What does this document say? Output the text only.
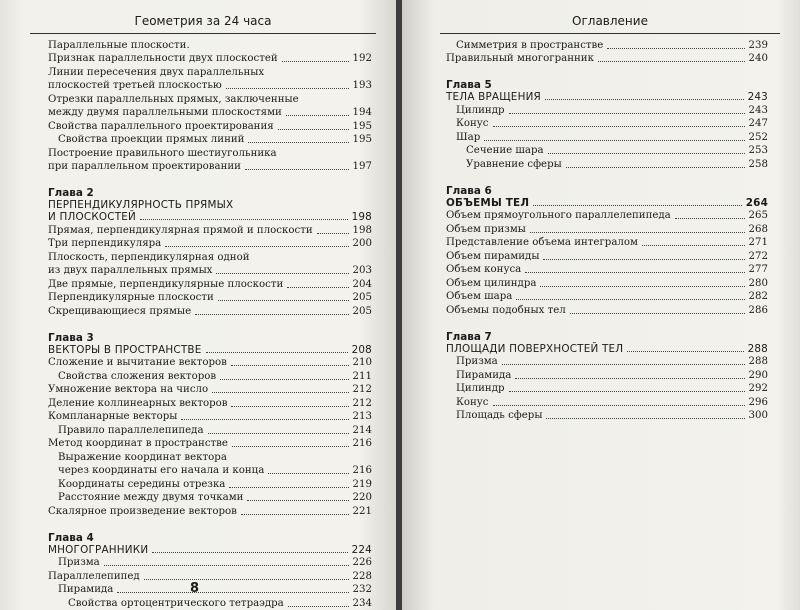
Геометрия за 24 часа
Параллельные плоскости.
Признак параллельности двух плоскостей	192
Линии пересечения двух параллельных
плоскостей третьей плоскостью	193
Отрезки параллельных прямых, заключенные
между двумя параллельными плоскостями	194
Свойства параллельного проектирования	195
Свойства проекции прямых линий	195
Построение правильного шестиугольника
при параллельном проектировании	197
Глава 2
ПЕРПЕНДИКУЛЯРНОСТЬ ПРЯМЫХ
И ПЛОСКОСТЕЙ	198
Прямая, перпендикулярная прямой и плоскости	198
Три перпендикуляра	200
Плоскость, перпендикулярная одной
из двух параллельных прямых	203
Две прямые, перпендикулярные плоскости	204
Перпендикулярные плоскости	205
Скрещивающиеся прямые	205
Глава 3
ВЕКТОРЫ В ПРОСТРАНСТВЕ	208
Сложение и вычитание векторов	210
Свойства сложения векторов	211
Умножение вектора на число	212
Деление коллинеарных векторов	212
Компланарные векторы	213
Правило параллелепипеда	214
Метод координат в пространстве	216
Выражение координат вектора
через координаты его начала и конца	216
Координаты середины отрезка	219
Расстояние между двумя точками	220
Скалярное произведение векторов	221
Глава 4
МНОГОГРАННИКИ	224
Призма	226
Параллелепипед	228
Пирамида	232
Свойства ортоцентрического тетраэдра	234
8
Оглавление
Симметрия в пространстве	239
Правильный многогранник	240
Глава 5
ТЕЛА ВРАЩЕНИЯ	243
Цилиндр	243
Конус	247
Шар	252
Сечение шара	253
Уравнение сферы	258
Глава 6
ОБЪЕМЫ ТЕЛ	264
Объем прямоугольного параллелепипеда	265
Объем призмы	268
Представление объема интегралом	271
Объем пирамиды	272
Объем конуса	277
Объем цилиндра	280
Объем шара	282
Объемы подобных тел	286
Глава 7
ПЛОЩАДИ ПОВЕРХНОСТЕЙ ТЕЛ	288
Призма	288
Пирамида	290
Цилиндр	292
Конус	296
Площадь сферы	300
